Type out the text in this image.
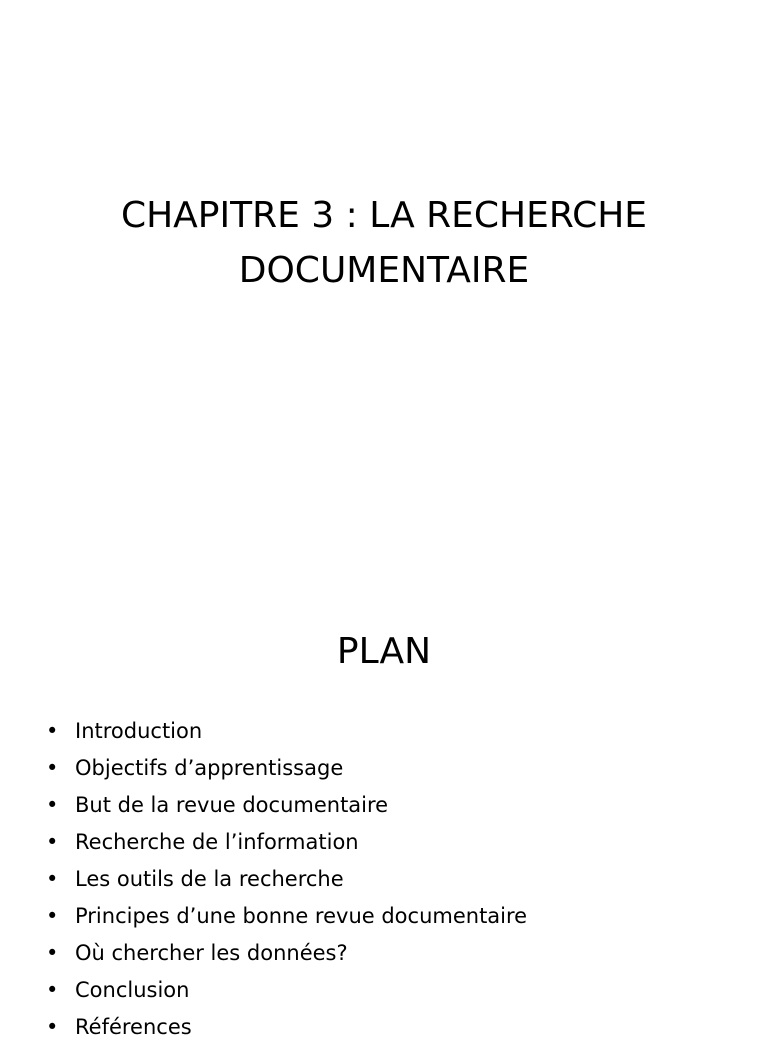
CHAPITRE 3 : LA RECHERCHE DOCUMENTAIRE
PLAN
• Introduction
• Objectifs d’apprentissage
• But de la revue documentaire
• Recherche de l’information
• Les outils de la recherche
• Principes d’une bonne revue documentaire
• Où chercher les données?
• Conclusion
• Références
